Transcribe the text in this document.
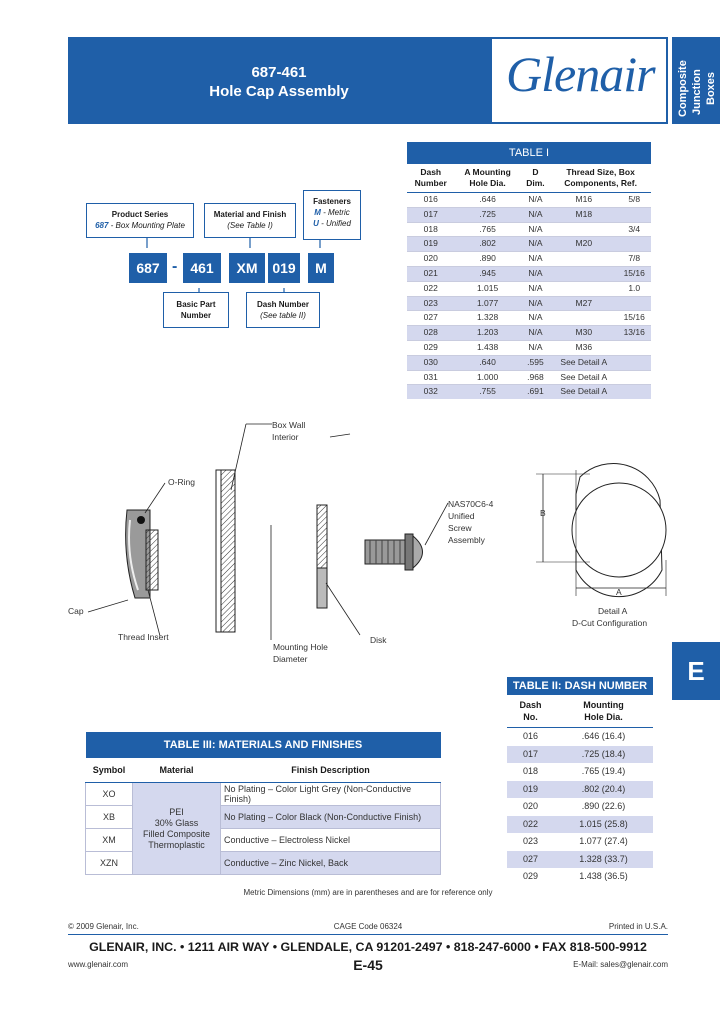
687-461
Hole Cap Assembly	Glenair Composite Junction Boxes
Product Series
687 - Box Mounting Plate
Material and Finish
(See Table I)
Fasteners
M - Metric
U - Unified
687 - 461	XM	019	M
Basic Part
Number
Dash Number
(See table II)
TABLE I				
Dash
Number	A Mounting
Hole Dia.	D
Dim.	Thread Size, Box
Components, Ref.	
016	.646	N/A	M16	5/8
017	.725	N/A	M18	
018	.765	N/A		3/4
019	.802	N/A	M20	
020	.890	N/A		7/8
021	.945	N/A		15/16
022	1.015	N/A		1.0
023	1.077	N/A	M27	
027	1.328	N/A		15/16
028	1.203	N/A	M30	13/16
029	1.438	N/A	M36	
030	.640	.595	See Detail A	
031	1.000	.968	See Detail A	
032	.755	.691	See Detail A	
Box Wall
Interior
O-Ring
Cap
Thread Insert
Mounting Hole
Diameter
Disk
NAS70C6-4
Unified
Screw
Assembly
B
A
Detail A
D-Cut Configuration
E
TABLE II: DASH NUMBER	
Dash
No.	Mounting
Hole Dia.
016	.646 (16.4)
017	.725 (18.4)
018	.765 (19.4)
019	.802 (20.4)
020	.890 (22.6)
022	1.015 (25.8)
023	1.077 (27.4)
027	1.328 (33.7)
029	1.438 (36.5)
TABLE III: MATERIALS AND FINISHES		
Symbol	Material	Finish Description
XO	PEI
30% Glass
Filled Composite
Thermoplastic	No Plating – Color Light Grey (Non-Conductive Finish)
XB		No Plating – Color Black (Non-Conductive Finish)
XM		Conductive – Electroless Nickel
XZN		Conductive – Zinc Nickel, Back
Metric Dimensions (mm) are in parentheses and are for reference only
© 2009 Glenair, Inc.	CAGE Code 06324	Printed in U.S.A.
GLENAIR, INC. • 1211 AIR WAY • GLENDALE, CA 91201-2497 • 818-247-6000 • FAX 818-500-9912
www.glenair.com	E-45	E-Mail: sales@glenair.com
